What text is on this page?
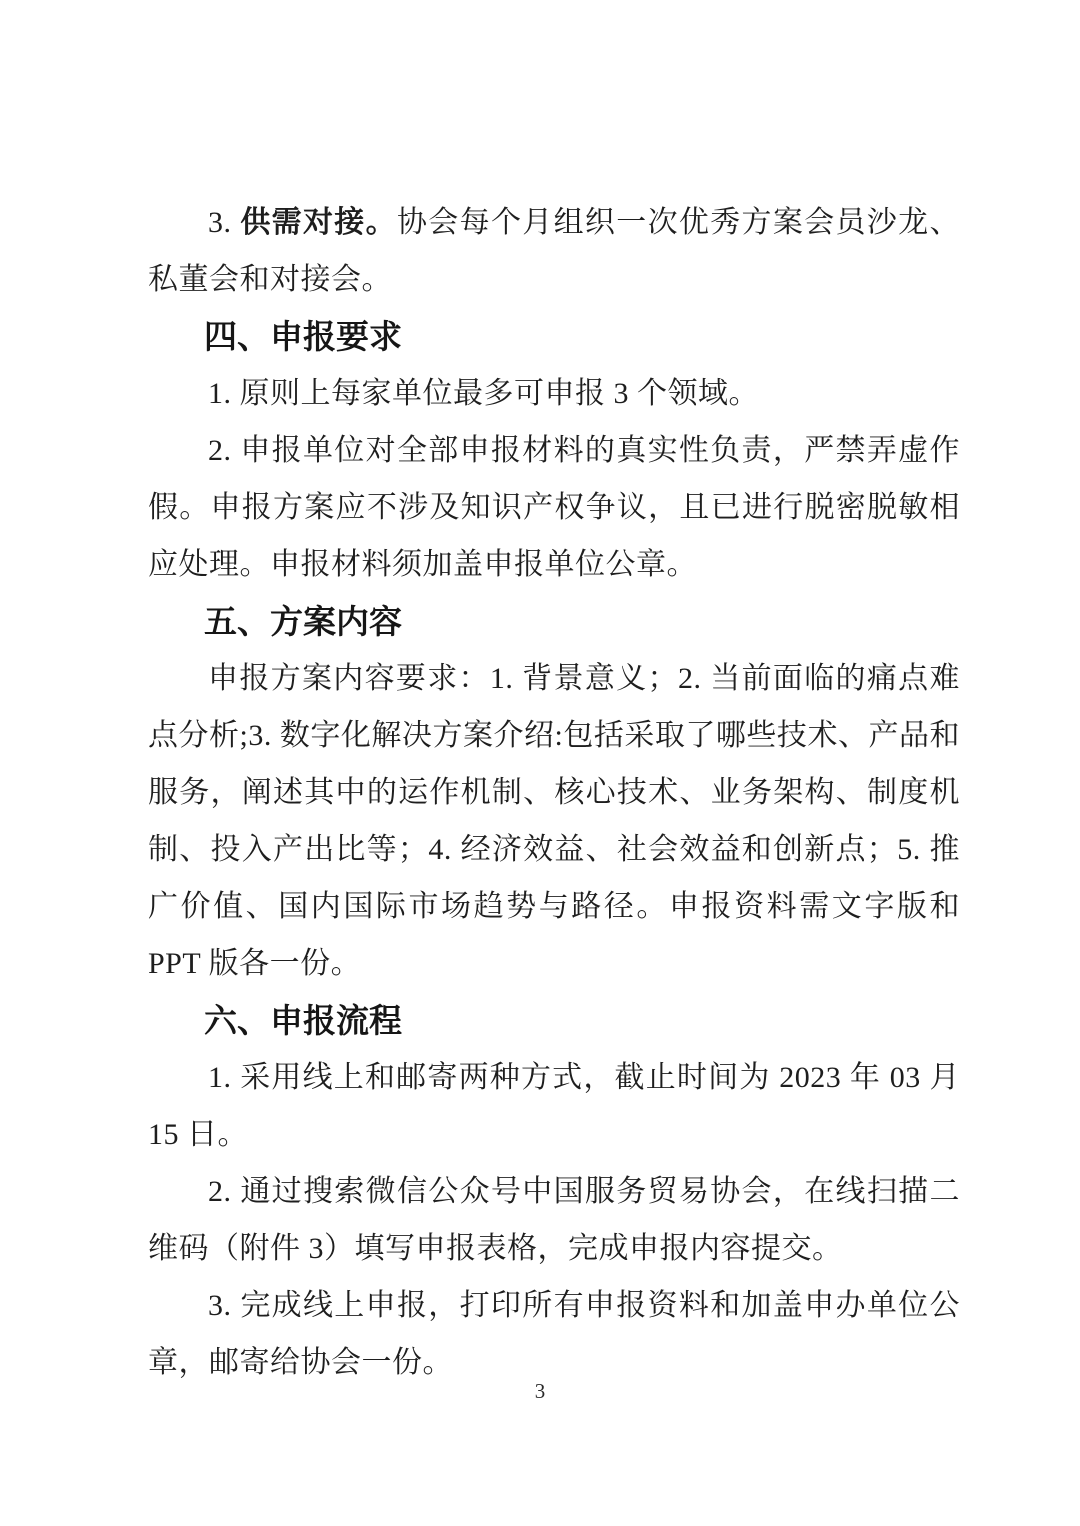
3. 供需对接。协会每个月组织一次优秀方案会员沙龙、私董会和对接会。

四、申报要求

1. 原则上每家单位最多可申报 3 个领域。

2. 申报单位对全部申报材料的真实性负责，严禁弄虚作假。申报方案应不涉及知识产权争议，且已进行脱密脱敏相应处理。申报材料须加盖申报单位公章。

五、方案内容

申报方案内容要求：1. 背景意义；2. 当前面临的痛点难点分析;3. 数字化解决方案介绍:包括采取了哪些技术、产品和服务，阐述其中的运作机制、核心技术、业务架构、制度机制、投入产出比等；4. 经济效益、社会效益和创新点；5. 推广价值、国内国际市场趋势与路径。申报资料需文字版和 PPT 版各一份。

六、申报流程

1. 采用线上和邮寄两种方式，截止时间为 2023 年 03 月 15 日。

2. 通过搜索微信公众号中国服务贸易协会，在线扫描二维码（附件 3）填写申报表格，完成申报内容提交。

3. 完成线上申报，打印所有申报资料和加盖申办单位公章，邮寄给协会一份。

3
